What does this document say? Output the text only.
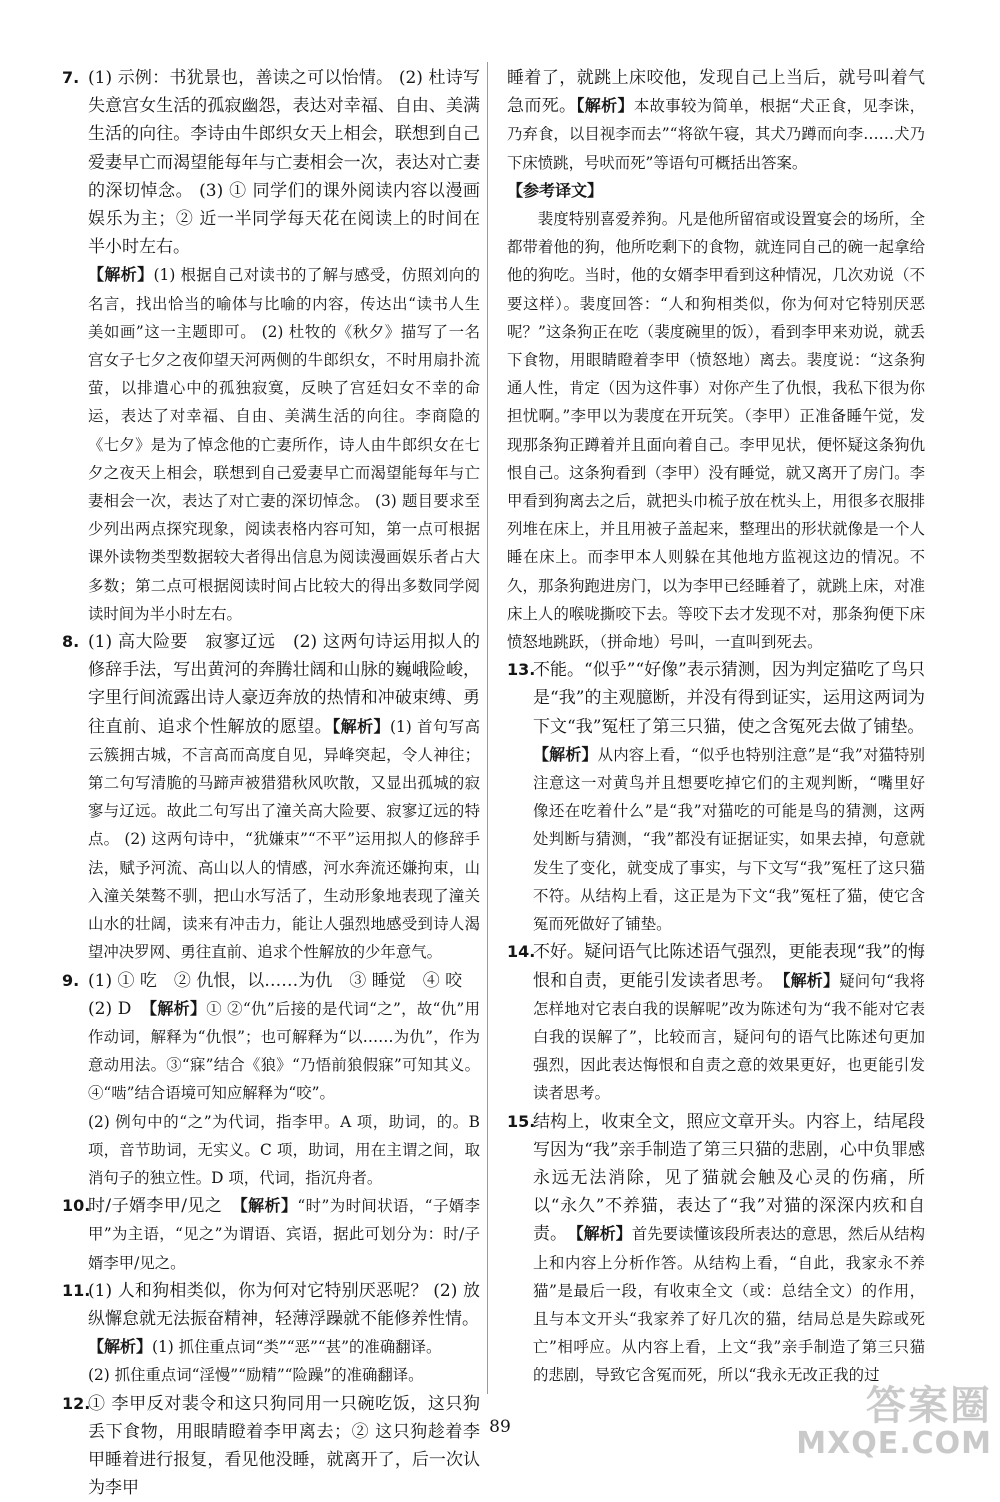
7. (1) 示例：书犹景也，善读之可以怡情。 (2) 杜诗写失意宫女生活的孤寂幽怨，表达对幸福、自由、美满生活的向往。李诗由牛郎织女天上相会，联想到自己爱妻早亡而渴望能每年与亡妻相会一次，表达对亡妻的深切悼念。 (3) ① 同学们的课外阅读内容以漫画娱乐为主；② 近一半同学每天花在阅读上的时间在半小时左右。

【解析】(1) 根据自己对读书的了解与感受，仿照刘向的名言，找出恰当的喻体与比喻的内容，传达出“读书人生美如画”这一主题即可。 (2) 杜牧的《秋夕》描写了一名宫女子七夕之夜仰望天河两侧的牛郎织女，不时用扇扑流萤，以排遣心中的孤独寂寞，反映了宫廷妇女不幸的命运，表达了对幸福、自由、美满生活的向往。李商隐的《七夕》是为了悼念他的亡妻所作，诗人由牛郎织女在七夕之夜天上相会，联想到自己爱妻早亡而渴望能每年与亡妻相会一次，表达了对亡妻的深切悼念。 (3) 题目要求至少列出两点探究现象，阅读表格内容可知，第一点可根据课外读物类型数据较大者得出信息为阅读漫画娱乐者占大多数；第二点可根据阅读时间占比较大的得出多数同学阅读时间为半小时左右。

8. (1) 高大险要　寂寥辽远　(2) 这两句诗运用拟人的修辞手法，写出黄河的奔腾壮阔和山脉的巍峨险峻，字里行间流露出诗人豪迈奔放的热情和冲破束缚、勇往直前、追求个性解放的愿望。【解析】(1) 首句写高云簇拥古城，不言高而高度自见，异峰突起，令人神往；第二句写清脆的马蹄声被猎猎秋风吹散，又显出孤城的寂寥与辽远。故此二句写出了潼关高大险要、寂寥辽远的特点。 (2) 这两句诗中，“犹嫌束”“不平”运用拟人的修辞手法，赋予河流、高山以人的情感，河水奔流还嫌拘束，山入潼关桀骜不驯，把山水写活了，生动形象地表现了潼关山水的壮阔，读来有冲击力，能让人强烈地感受到诗人渴望冲决罗网、勇往直前、追求个性解放的少年意气。

9. (1) ① 吃　② 仇恨，以……为仇　③ 睡觉　④ 咬

(2) D　【解析】① ②“仇”后接的是代词“之”，故“仇”用作动词，解释为“仇恨”；也可解释为“以……为仇”，作为意动用法。③“寐”结合《狼》“乃悟前狼假寐”可知其义。④“啮”结合语境可知应解释为“咬”。

(2) 例句中的“之”为代词，指李甲。A 项，助词，的。B 项，音节助词，无实义。C 项，助词，用在主谓之间，取消句子的独立性。D 项，代词，指沉舟者。

10.

时/子婿李甲/见之　【解析】“时”为时间状语，“子婿李甲”为主语，“见之”为谓语、宾语，据此可划分为：时/子婿李甲/见之。

11.

(1) 人和狗相类似，你为何对它特别厌恶呢？ (2) 放纵懈怠就无法振奋精神，轻薄浮躁就不能修养性情。

【解析】(1) 抓住重点词“类”“恶”“甚”的准确翻译。

(2) 抓住重点词“淫慢”“励精”“险躁”的准确翻译。

12.

① 李甲反对裴令和这只狗同用一只碗吃饭，这只狗丢下食物，用眼睛瞪着李甲离去；② 这只狗趁着李甲睡着进行报复，看见他没睡，就离开了，后一次认为李甲

睡着了，就跳上床咬他，发现自己上当后，就号叫着气急而死。【解析】本故事较为简单，根据“犬正食，见李诛，乃弃食，以目视李而去”“将欲午寝，其犬乃蹲而向李……犬乃下床愤跳，号吠而死”等语句可概括出答案。

【参考译文】

裴度特别喜爱养狗。凡是他所留宿或设置宴会的场所，全都带着他的狗，他所吃剩下的食物，就连同自己的碗一起拿给他的狗吃。当时，他的女婿李甲看到这种情况，几次劝说（不要这样）。裴度回答：“人和狗相类似，你为何对它特别厌恶呢？”这条狗正在吃（裴度碗里的饭），看到李甲来劝说，就丢下食物，用眼睛瞪着李甲（愤怒地）离去。裴度说：“这条狗通人性，肯定（因为这件事）对你产生了仇恨，我私下很为你担忧啊。”李甲以为裴度在开玩笑。（李甲）正准备睡午觉，发现那条狗正蹲着并且面向着自己。李甲见状，便怀疑这条狗仇恨自己。这条狗看到（李甲）没有睡觉，就又离开了房门。李甲看到狗离去之后，就把头巾梳子放在枕头上，用很多衣服排列堆在床上，并且用被子盖起来，整理出的形状就像是一个人睡在床上。而李甲本人则躲在其他地方监视这边的情况。不久，那条狗跑进房门，以为李甲已经睡着了，就跳上床，对准床上人的喉咙撕咬下去。等咬下去才发现不对，那条狗便下床愤怒地跳跃，（拼命地）号叫，一直叫到死去。

13.

不能。“似乎”“好像”表示猜测，因为判定猫吃了鸟只是“我”的主观臆断，并没有得到证实，运用这两词为下文“我”冤枉了第三只猫，使之含冤死去做了铺垫。

【解析】从内容上看，“似乎也特别注意”是“我”对猫特别注意这一对黄鸟并且想要吃掉它们的主观判断，“嘴里好像还在吃着什么”是“我”对猫吃的可能是鸟的猜测，这两处判断与猜测，“我”都没有证据证实，如果去掉，句意就发生了变化，就变成了事实，与下文写“我”冤枉了这只猫不符。从结构上看，这正是为下文“我”冤枉了猫，使它含冤而死做好了铺垫。

14.

不好。疑问语气比陈述语气强烈，更能表现“我”的悔恨和自责，更能引发读者思考。　【解析】疑问句“我将怎样地对它表白我的误解呢”改为陈述句为“我不能对它表白我的误解了”，比较而言，疑问句的语气比陈述句更加强烈，因此表达悔恨和自责之意的效果更好，也更能引发读者思考。

15.

结构上，收束全文，照应文章开头。内容上，结尾段写因为“我”亲手制造了第三只猫的悲剧，心中负罪感永远无法消除，见了猫就会触及心灵的伤痛，所以“永久”不养猫，表达了“我”对猫的深深内疚和自责。　【解析】首先要读懂该段所表达的意思，然后从结构上和内容上分析作答。从结构上看，“自此，我家永不养猫”是最后一段，有收束全文（或：总结全文）的作用，且与本文开头“我家养了好几次的猫，结局总是失踪或死亡”相呼应。从内容上看，上文“我”亲手制造了第三只猫的悲剧，导致它含冤而死，所以“我永无改正我的过

89	答案圈
MXQE.COM
